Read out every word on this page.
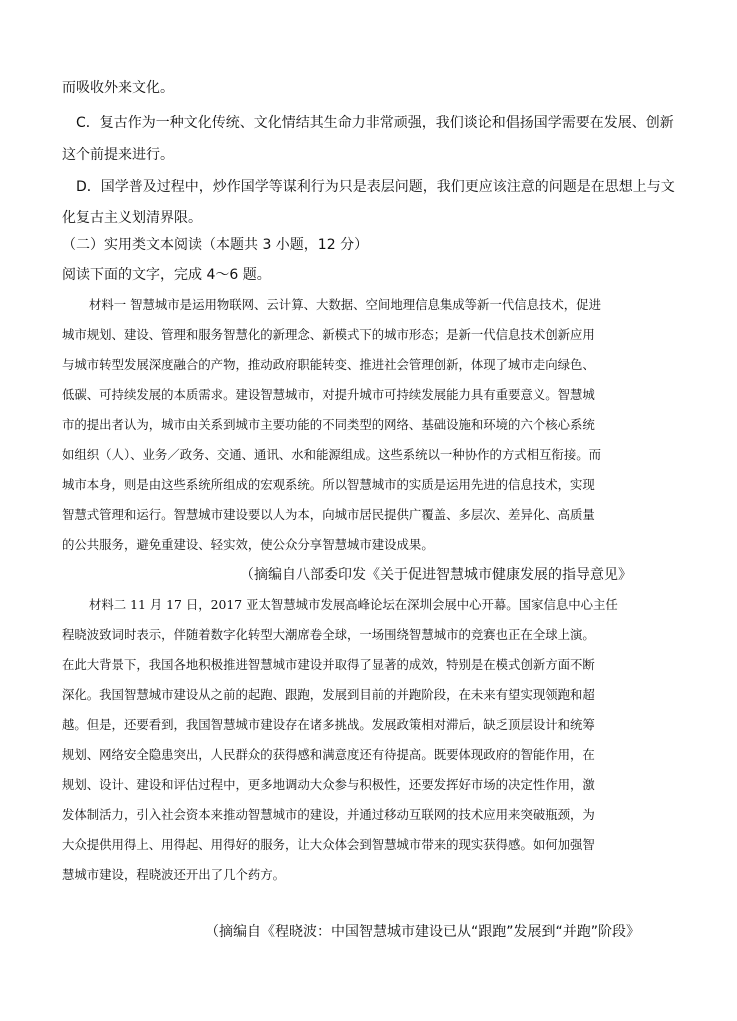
而吸收外来文化。
C．复古作为一种文化传统、文化情结其生命力非常顽强，我们谈论和倡扬国学需要在发展、创新
这个前提来进行。
D．国学普及过程中，炒作国学等谋利行为只是表层问题，我们更应该注意的问题是在思想上与文
化复古主义划清界限。
（二）实用类文本阅读（本题共 3 小题，12 分）
阅读下面的文字，完成 4～6 题。
材料一 智慧城市是运用物联网、云计算、大数据、空间地理信息集成等新一代信息技术，促进
城市规划、建设、管理和服务智慧化的新理念、新模式下的城市形态；是新一代信息技术创新应用
与城市转型发展深度融合的产物，推动政府职能转变、推进社会管理创新，体现了城市走向绿色、
低碳、可持续发展的本质需求。建设智慧城市，对提升城市可持续发展能力具有重要意义。智慧城
市的提出者认为，城市由关系到城市主要功能的不同类型的网络、基础设施和环境的六个核心系统
如组织（人）、业务／政务、交通、通讯、水和能源组成。这些系统以一种协作的方式相互衔接。而
城市本身，则是由这些系统所组成的宏观系统。所以智慧城市的实质是运用先进的信息技术，实现
智慧式管理和运行。智慧城市建设要以人为本，向城市居民提供广覆盖、多层次、差异化、高质量
的公共服务，避免重建设、轻实效，使公众分享智慧城市建设成果。
（摘编自八部委印发《关于促进智慧城市健康发展的指导意见》
材料二 11 月 17 日，2017 亚太智慧城市发展高峰论坛在深圳会展中心开幕。国家信息中心主任
程晓波致词时表示，伴随着数字化转型大潮席卷全球，一场围绕智慧城市的竞赛也正在全球上演。
在此大背景下，我国各地积极推进智慧城市建设并取得了显著的成效，特别是在模式创新方面不断
深化。我国智慧城市建设从之前的起跑、跟跑，发展到目前的并跑阶段，在未来有望实现领跑和超
越。但是，还要看到，我国智慧城市建设存在诸多挑战。发展政策相对滞后，缺乏顶层设计和统筹
规划、网络安全隐患突出，人民群众的获得感和满意度还有待提高。既要体现政府的智能作用，在
规划、设计、建设和评估过程中，更多地调动大众参与积极性，还要发挥好市场的决定性作用，激
发体制活力，引入社会资本来推动智慧城市的建设，并通过移动互联网的技术应用来突破瓶颈，为
大众提供用得上、用得起、用得好的服务，让大众体会到智慧城市带来的现实获得感。如何加强智
慧城市建设，程晓波还开出了几个药方。
（摘编自《程晓波：中国智慧城市建设已从“跟跑”发展到“并跑”阶段》
